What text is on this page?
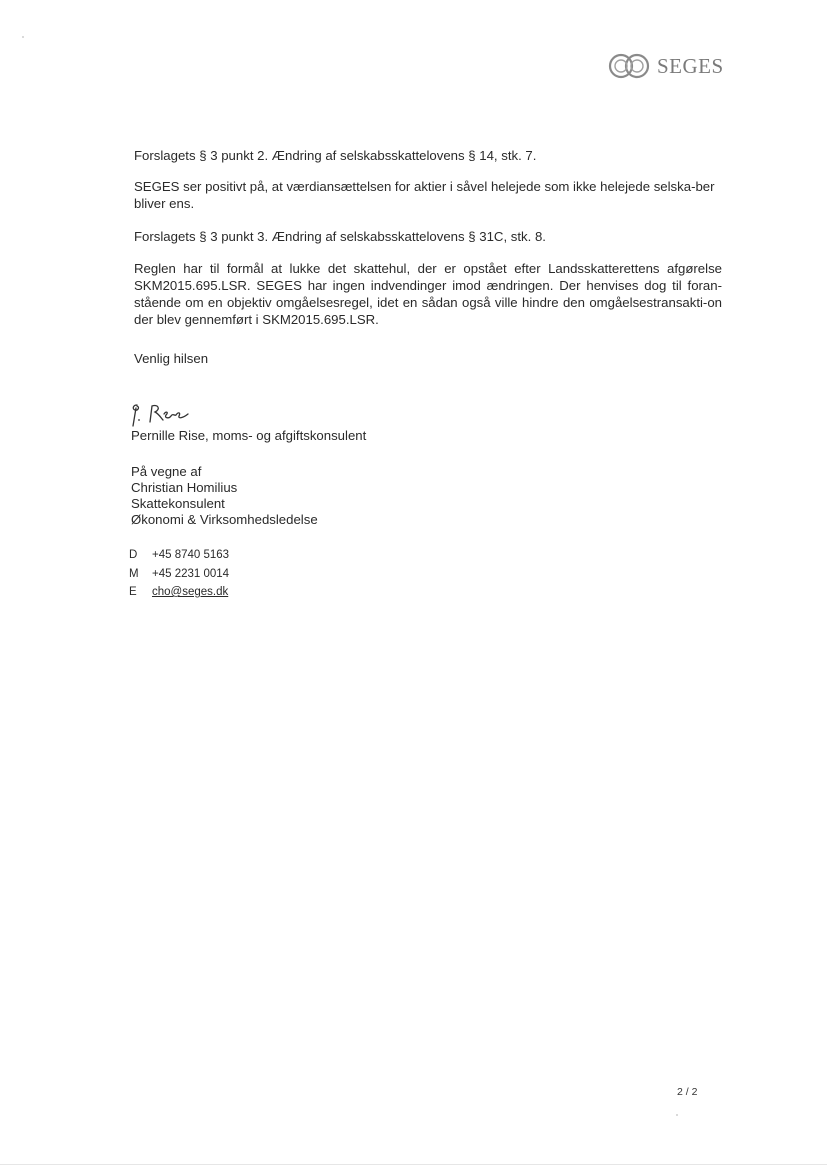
SEGES
Forslagets § 3 punkt 2. Ændring af selskabsskattelovens § 14, stk. 7.
SEGES ser positivt på, at værdiansættelsen for aktier i såvel helejede som ikke helejede selska-ber bliver ens.
Forslagets § 3 punkt 3. Ændring af selskabsskattelovens § 31C, stk. 8.
Reglen har til formål at lukke det skattehul, der er opstået efter Landsskatterettens afgørelse SKM2015.695.LSR. SEGES har ingen indvendinger imod ændringen. Der henvises dog til foran-stående om en objektiv omgåelsesregel, idet en sådan også ville hindre den omgåelsestransakti-on der blev gennemført i SKM2015.695.LSR.
Venlig hilsen
Pernille Rise, moms- og afgiftskonsulent
På vegne af
Christian Homilius
Skattekonsulent
Økonomi & Virksomhedsledelse
D	+45 8740 5163
M	+45 2231 0014
E	cho@seges.dk
2 / 2
